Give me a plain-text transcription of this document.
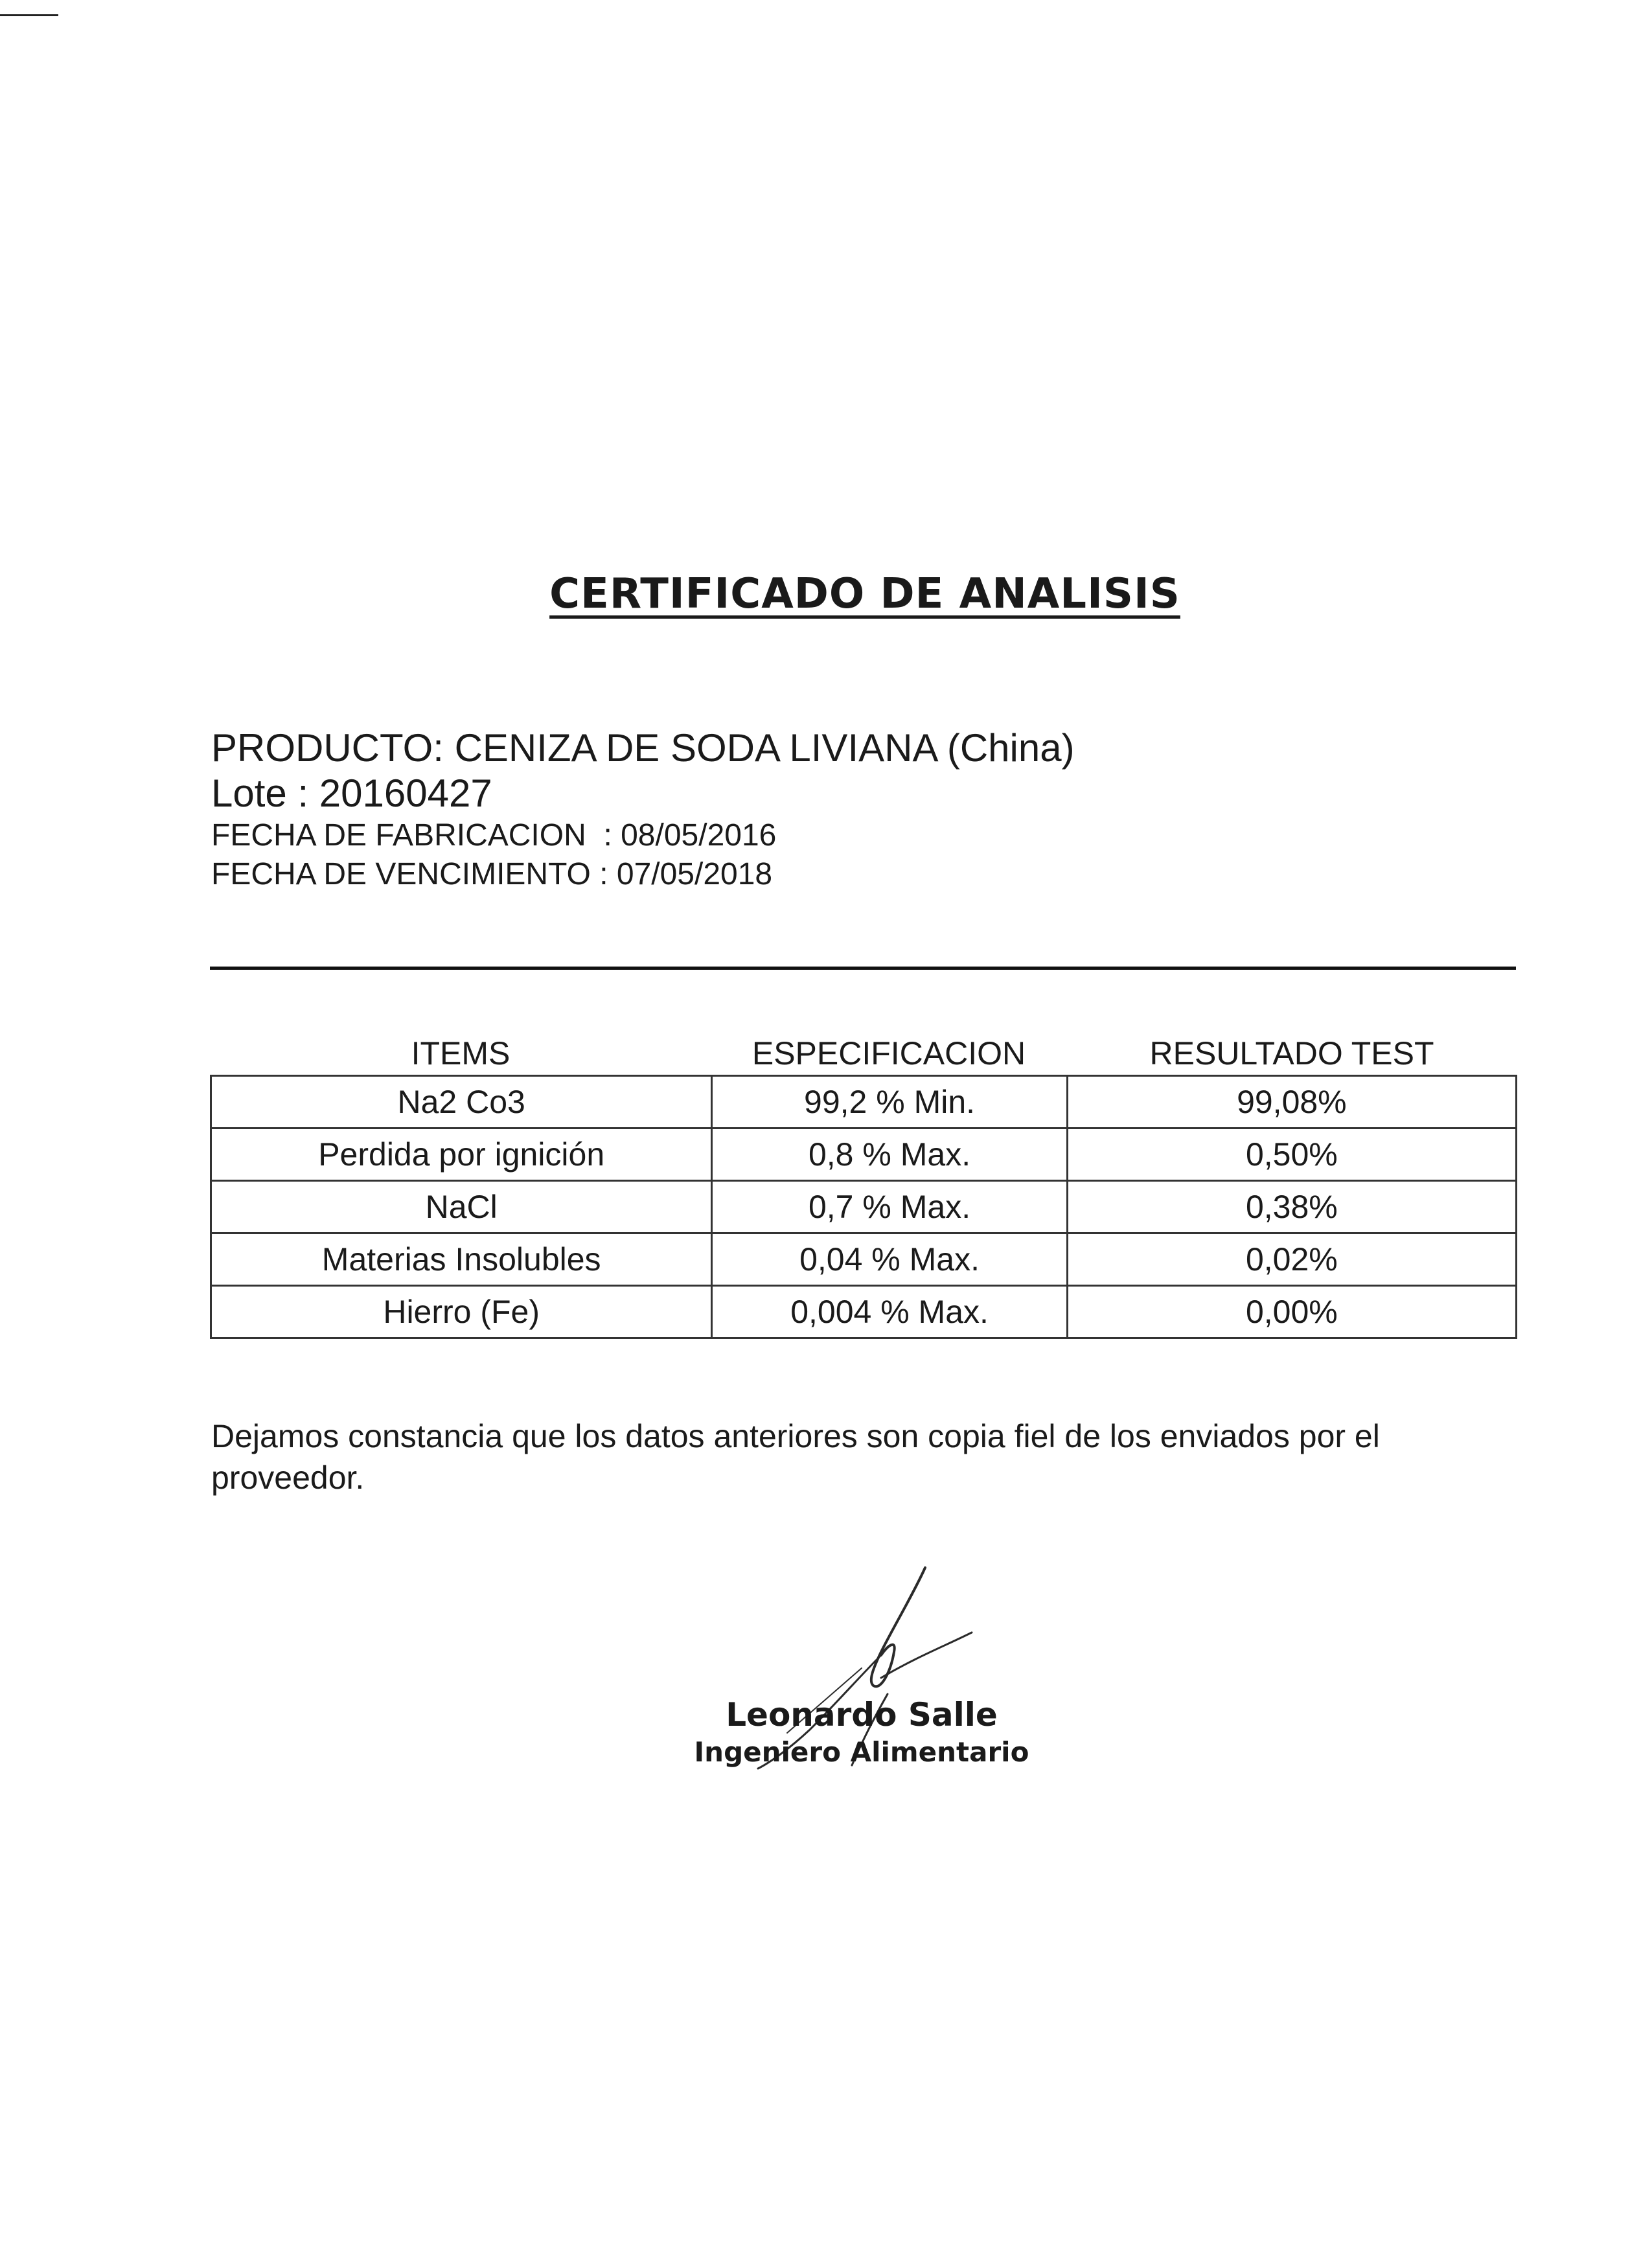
CERTIFICADO DE ANALISIS
PRODUCTO: CENIZA DE SODA LIVIANA (China)
Lote : 20160427
FECHA DE FABRICACION  : 08/05/2016
FECHA DE VENCIMIENTO : 07/05/2018
ITEMS	ESPECIFICACION	RESULTADO TEST
Na2 Co3	99,2 % Min.	99,08%
Perdida por ignición	0,8 % Max.	0,50%
NaCl	0,7 % Max.	0,38%
Materias Insolubles	0,04 % Max.	0,02%
Hierro (Fe)	0,004 % Max.	0,00%
Dejamos constancia que los datos anteriores son copia fiel de los enviados por el proveedor.
Leonardo Salle
Ingeniero Alimentario
